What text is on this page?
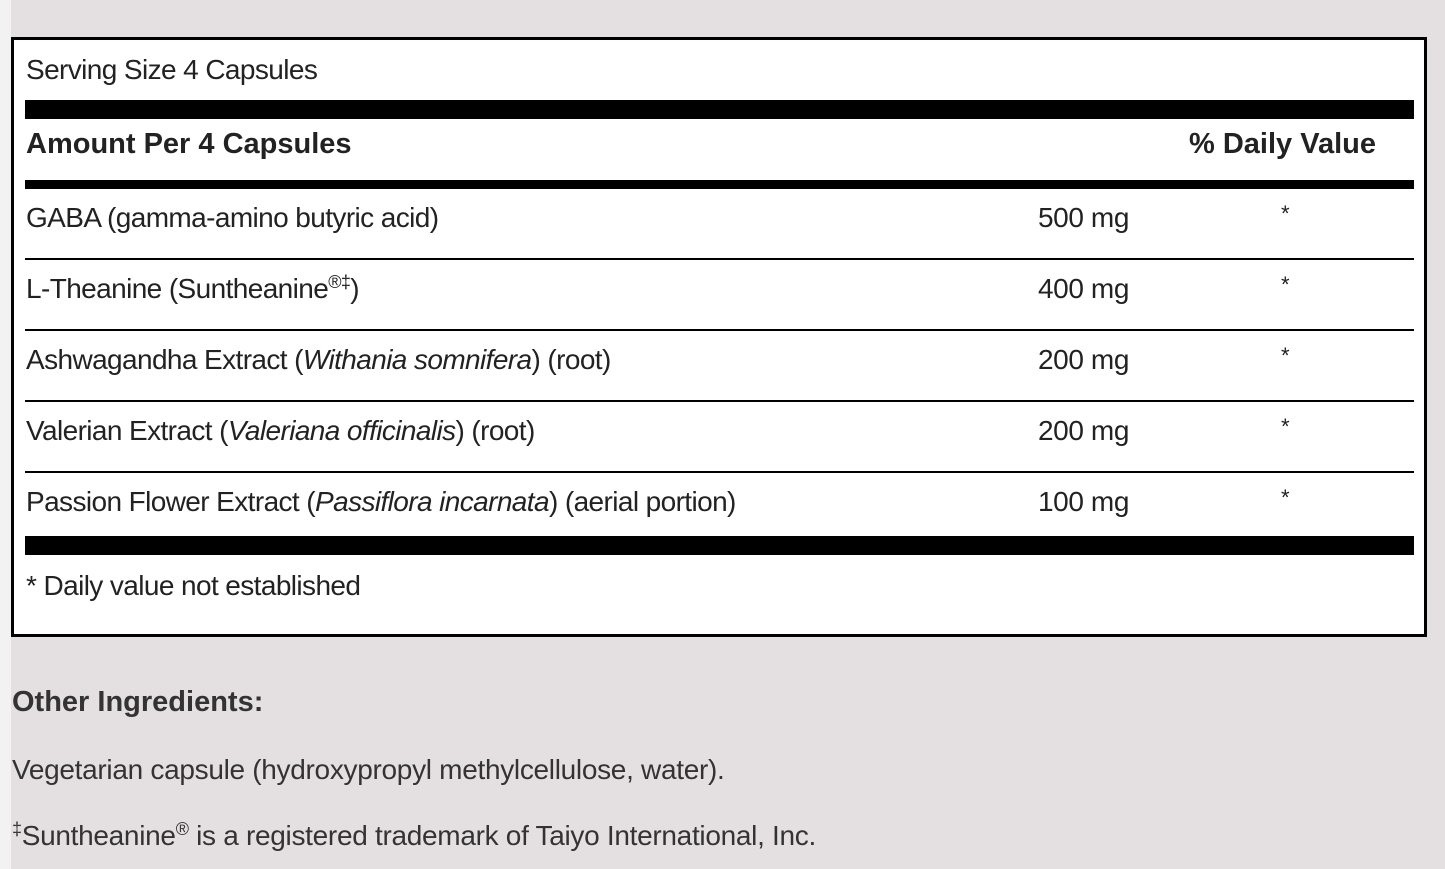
Serving Size 4 Capsules
Amount Per 4 Capsules	% Daily Value
GABA (gamma-amino butyric acid)	500 mg	*
L-Theanine (Suntheanine®‡)	400 mg	*
Ashwagandha Extract (Withania somnifera) (root)	200 mg	*
Valerian Extract (Valeriana officinalis) (root)	200 mg	*
Passion Flower Extract (Passiflora incarnata) (aerial portion)	100 mg	*
* Daily value not established
Other Ingredients:
Vegetarian capsule (hydroxypropyl methylcellulose, water).
‡Suntheanine® is a registered trademark of Taiyo International, Inc.
